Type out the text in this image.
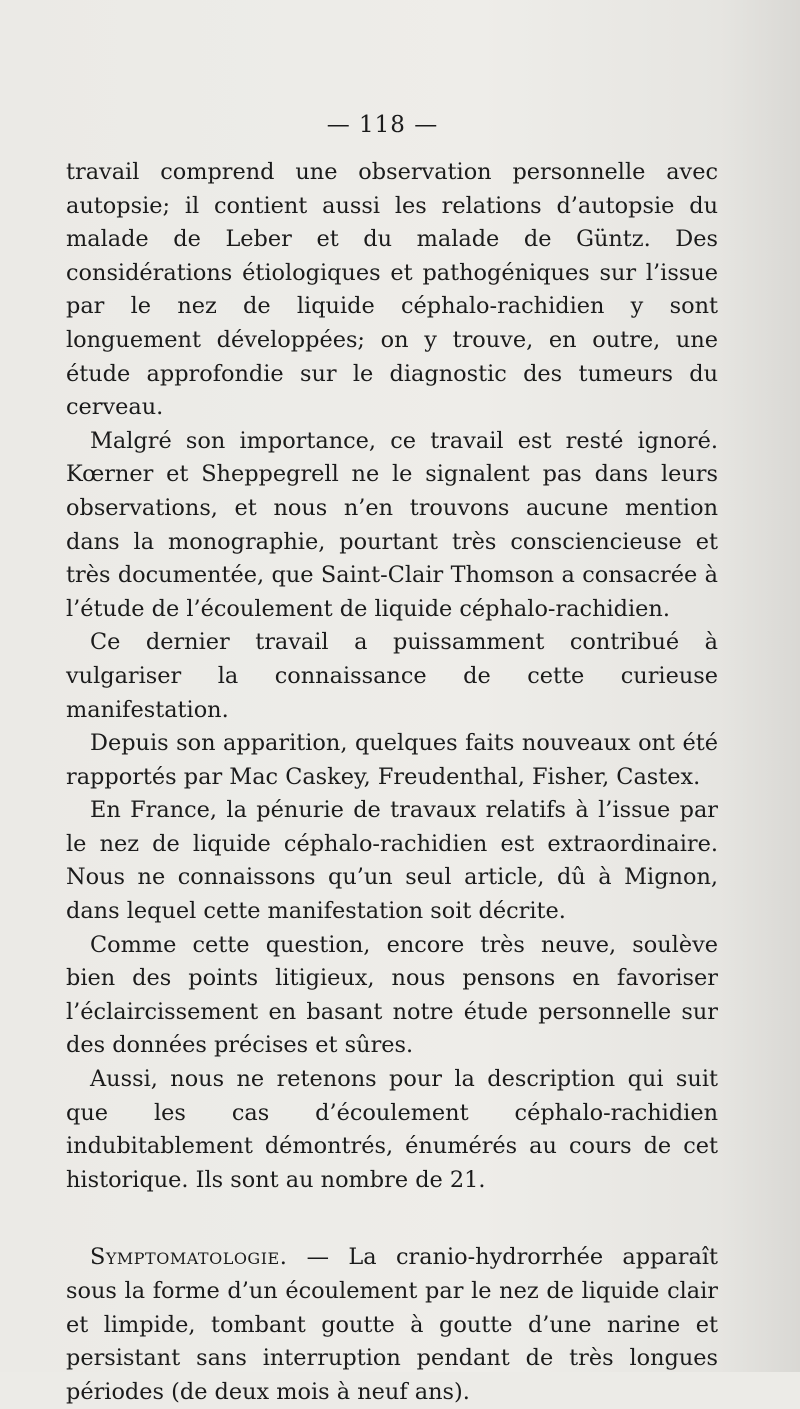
— 118 —

travail comprend une observation personnelle avec autopsie; il contient aussi les relations d’autopsie du malade de Leber et du malade de Güntz. Des considérations étiologiques et pathogéniques sur l’issue par le nez de liquide céphalo-rachidien y sont longuement développées; on y trouve, en outre, une étude approfondie sur le diagnostic des tumeurs du cerveau.

Malgré son importance, ce travail est resté ignoré. Kœrner et Sheppegrell ne le signalent pas dans leurs observations, et nous n’en trouvons aucune mention dans la monographie, pourtant très consciencieuse et très documentée, que Saint-Clair Thomson a consacrée à l’étude de l’écoulement de liquide céphalo-rachidien.

Ce dernier travail a puissamment contribué à vulgariser la connaissance de cette curieuse manifestation.

Depuis son apparition, quelques faits nouveaux ont été rapportés par Mac Caskey, Freudenthal, Fisher, Castex.

En France, la pénurie de travaux relatifs à l’issue par le nez de liquide céphalo-rachidien est extraordinaire. Nous ne connaissons qu’un seul article, dû à Mignon, dans lequel cette manifestation soit décrite.

Comme cette question, encore très neuve, soulève bien des points litigieux, nous pensons en favoriser l’éclaircissement en basant notre étude personnelle sur des données précises et sûres.

Aussi, nous ne retenons pour la description qui suit que les cas d’écoulement céphalo-rachidien indubitablement démontrés, énumérés au cours de cet historique. Ils sont au nombre de 21.

Symptomatologie. — La cranio-hydrorrhée apparaît sous la forme d’un écoulement par le nez de liquide clair et limpide, tombant goutte à goutte d’une narine et persistant sans interruption pendant de très longues périodes (de deux mois à neuf ans).
